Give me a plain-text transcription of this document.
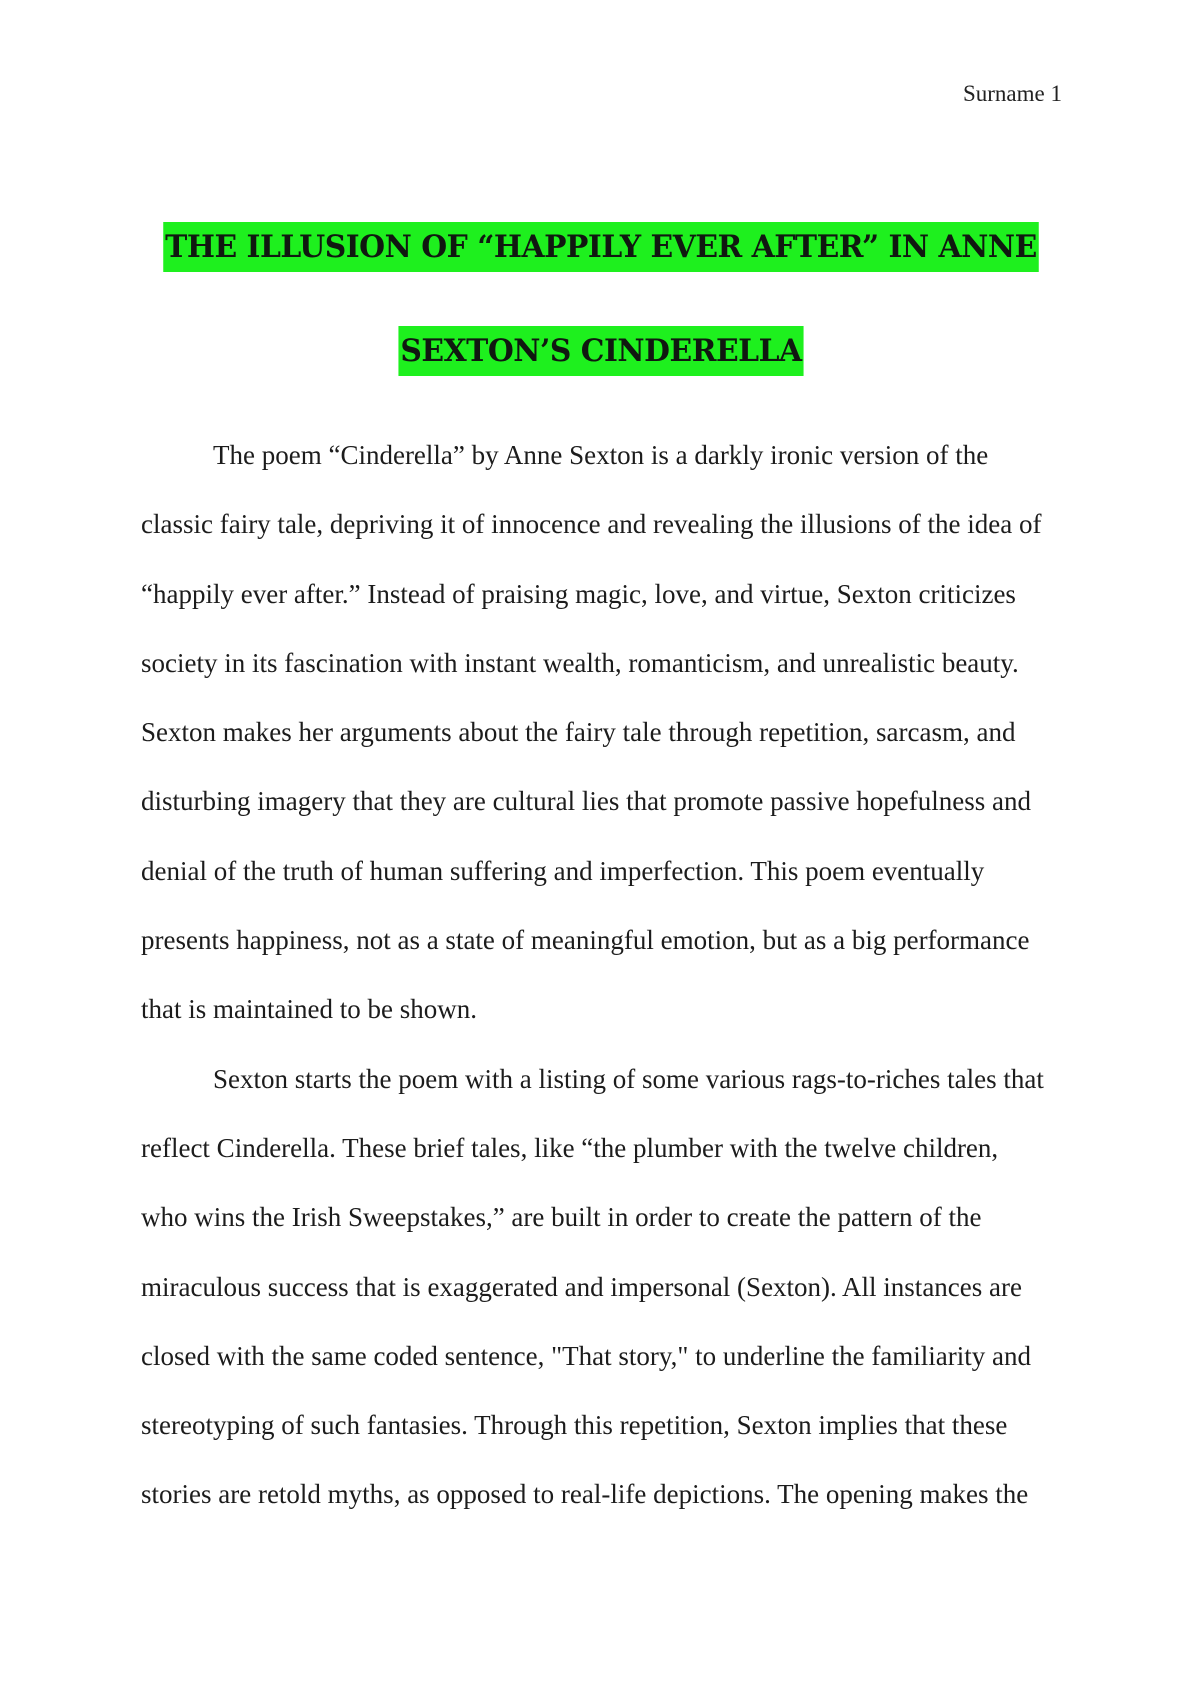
Surname 1
THE ILLUSION OF “HAPPILY EVER AFTER” IN ANNE
SEXTON’S CINDERELLA

The poem “Cinderella” by Anne Sexton is a darkly ironic version of the
classic fairy tale, depriving it of innocence and revealing the illusions of the idea of
“happily ever after.” Instead of praising magic, love, and virtue, Sexton criticizes
society in its fascination with instant wealth, romanticism, and unrealistic beauty.
Sexton makes her arguments about the fairy tale through repetition, sarcasm, and
disturbing imagery that they are cultural lies that promote passive hopefulness and
denial of the truth of human suffering and imperfection. This poem eventually
presents happiness, not as a state of meaningful emotion, but as a big performance
that is maintained to be shown.

Sexton starts the poem with a listing of some various rags-to-riches tales that
reflect Cinderella. These brief tales, like “the plumber with the twelve children,
who wins the Irish Sweepstakes,” are built in order to create the pattern of the
miraculous success that is exaggerated and impersonal (Sexton). All instances are
closed with the same coded sentence, "That story," to underline the familiarity and
stereotyping of such fantasies. Through this repetition, Sexton implies that these
stories are retold myths, as opposed to real-life depictions. The opening makes the
